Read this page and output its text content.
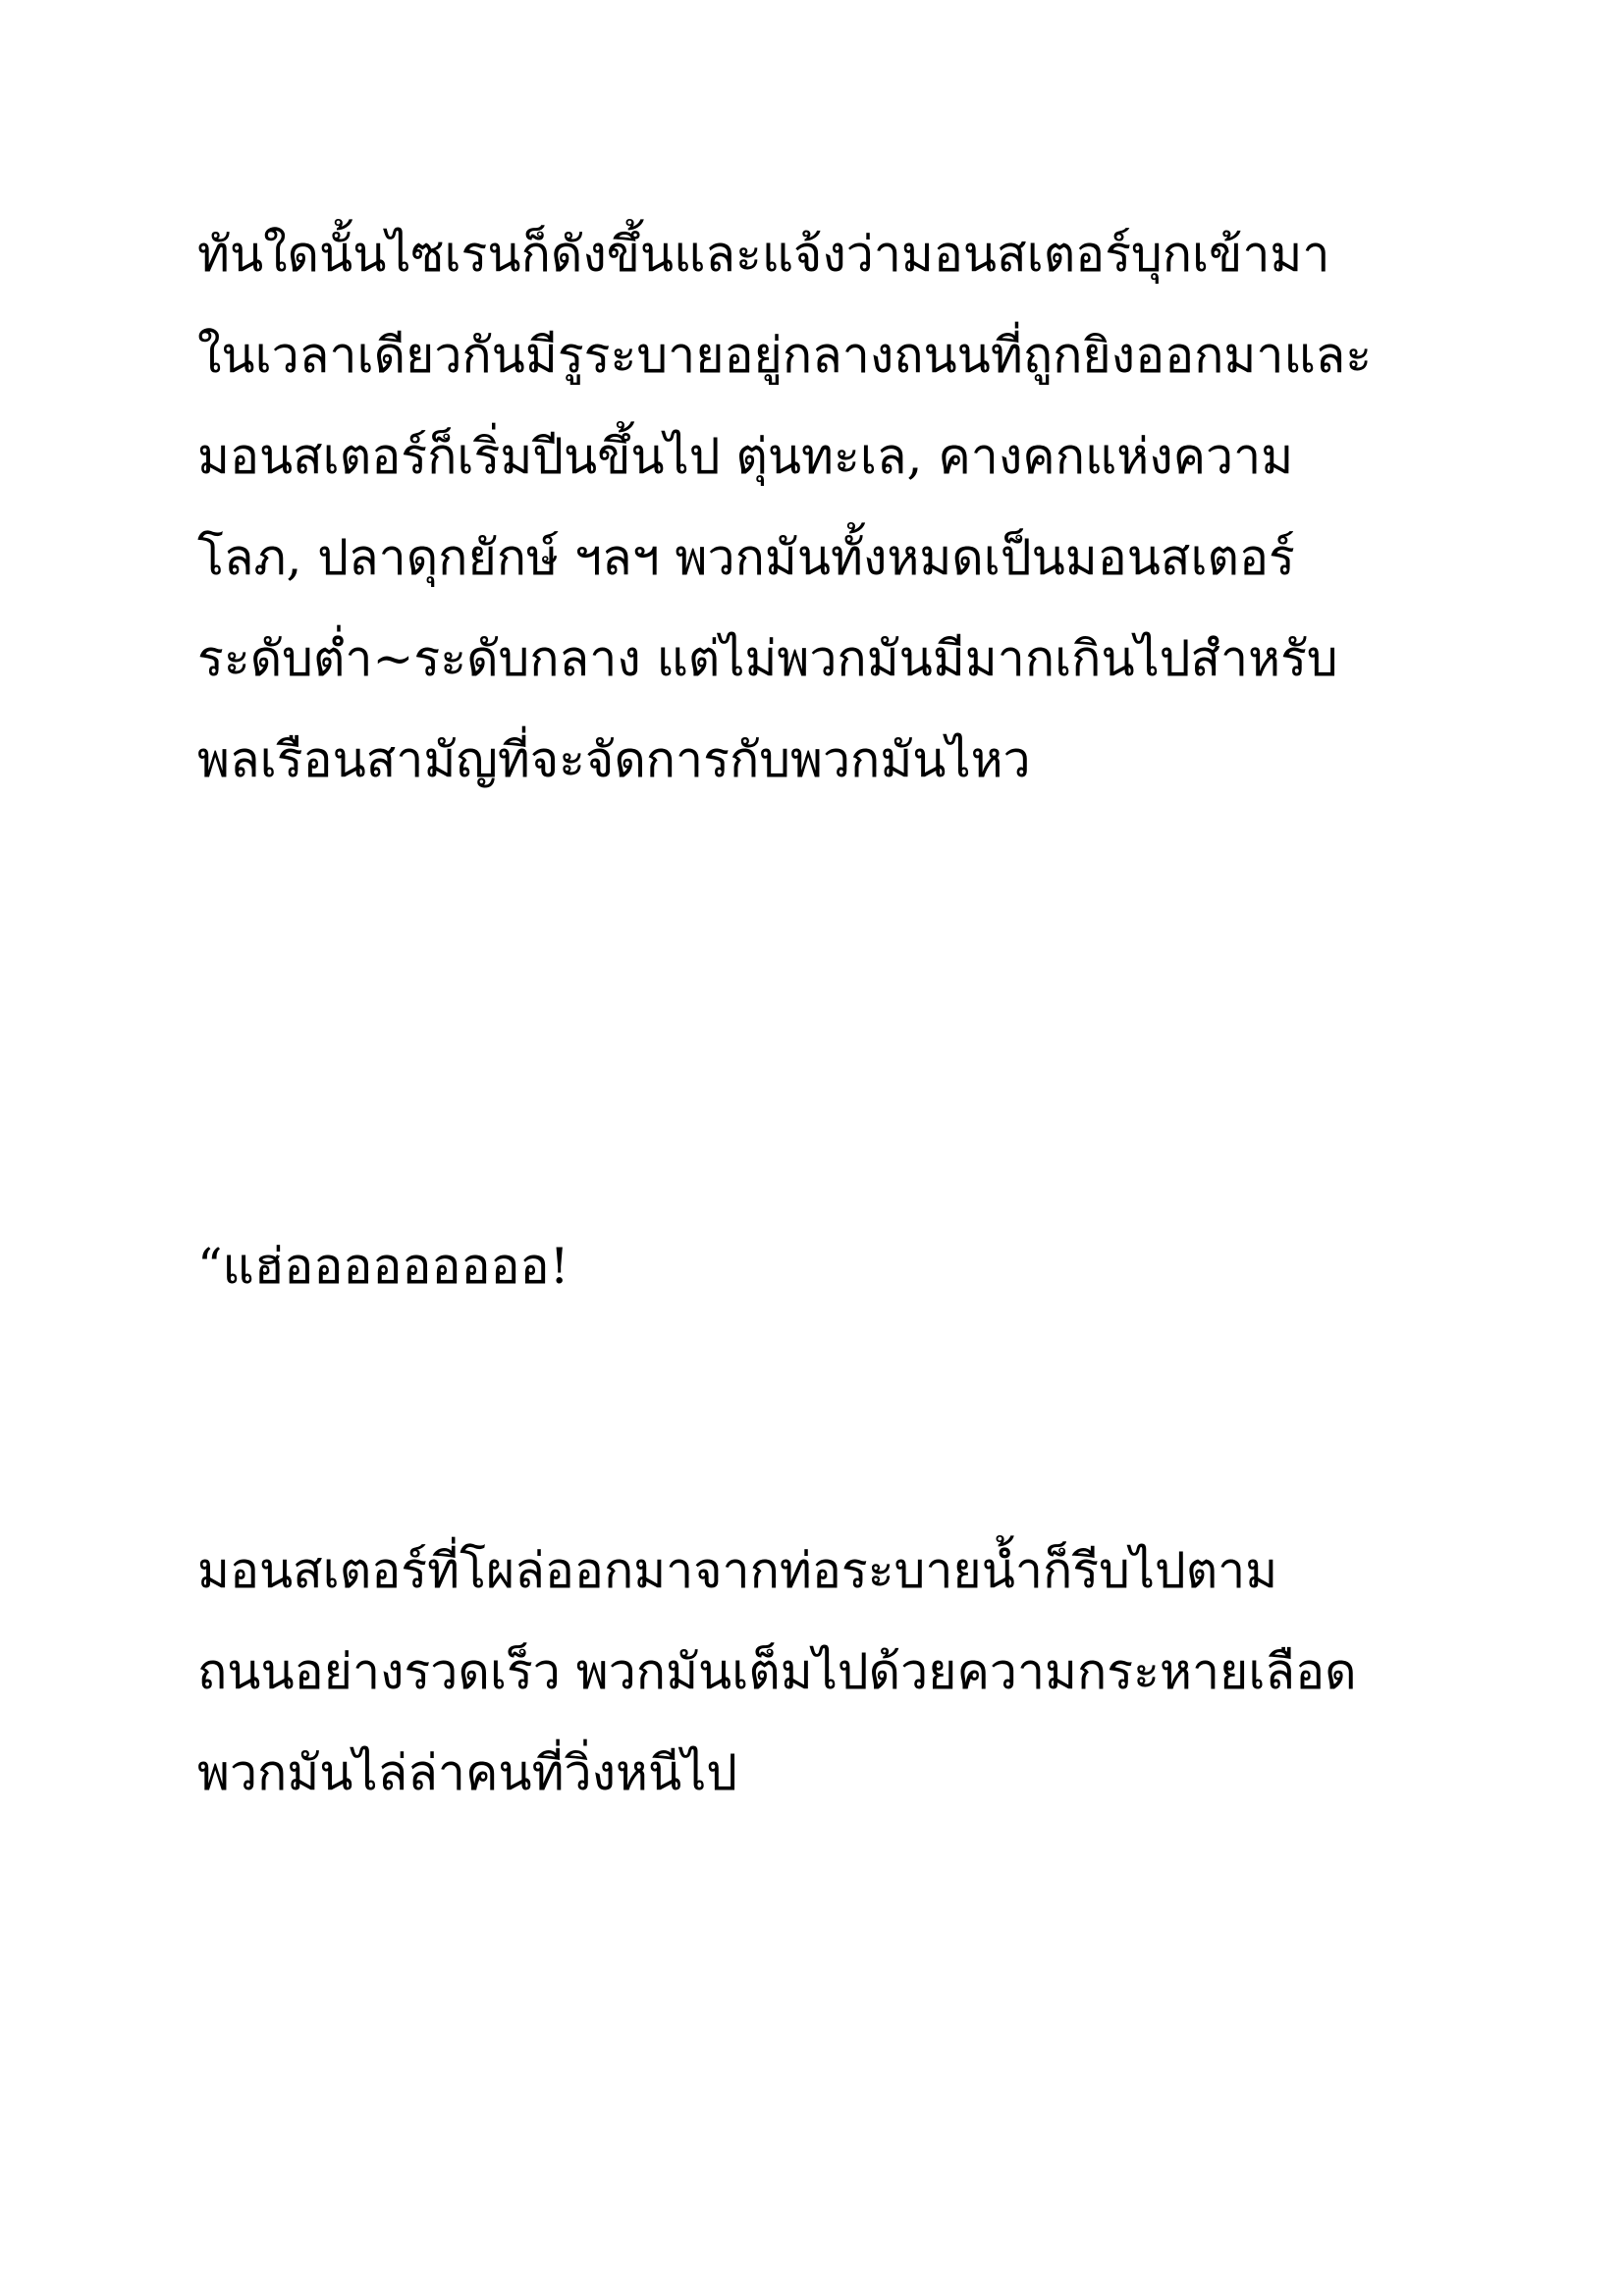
ทันใดนั้นไซเรนก็ดังขึ้นและแจ้งว่ามอนสเตอร์บุกเข้ามา

ในเวลาเดียวกันมีรูระบายอยู่กลางถนนที่ถูกยิงออกมาและ

มอนสเตอร์ก็เริ่มปีนขึ้นไป ตุ่นทะเล, คางคกแห่งความ

โลภ, ปลาดุกยักษ์ ฯลฯ พวกมันทั้งหมดเป็นมอนสเตอร์

ระดับต่ำ~ระดับกลาง แต่ไม่พวกมันมีมากเกินไปสำหรับ

พลเรือนสามัญที่จะจัดการกับพวกมันไหว

“แฮ่อออออออออ!

มอนสเตอร์ที่โผล่ออกมาจากท่อระบายน้ำก็รีบไปตาม

ถนนอย่างรวดเร็ว พวกมันเต็มไปด้วยความกระหายเลือด

พวกมันไล่ล่าคนที่วิ่งหนีไป
